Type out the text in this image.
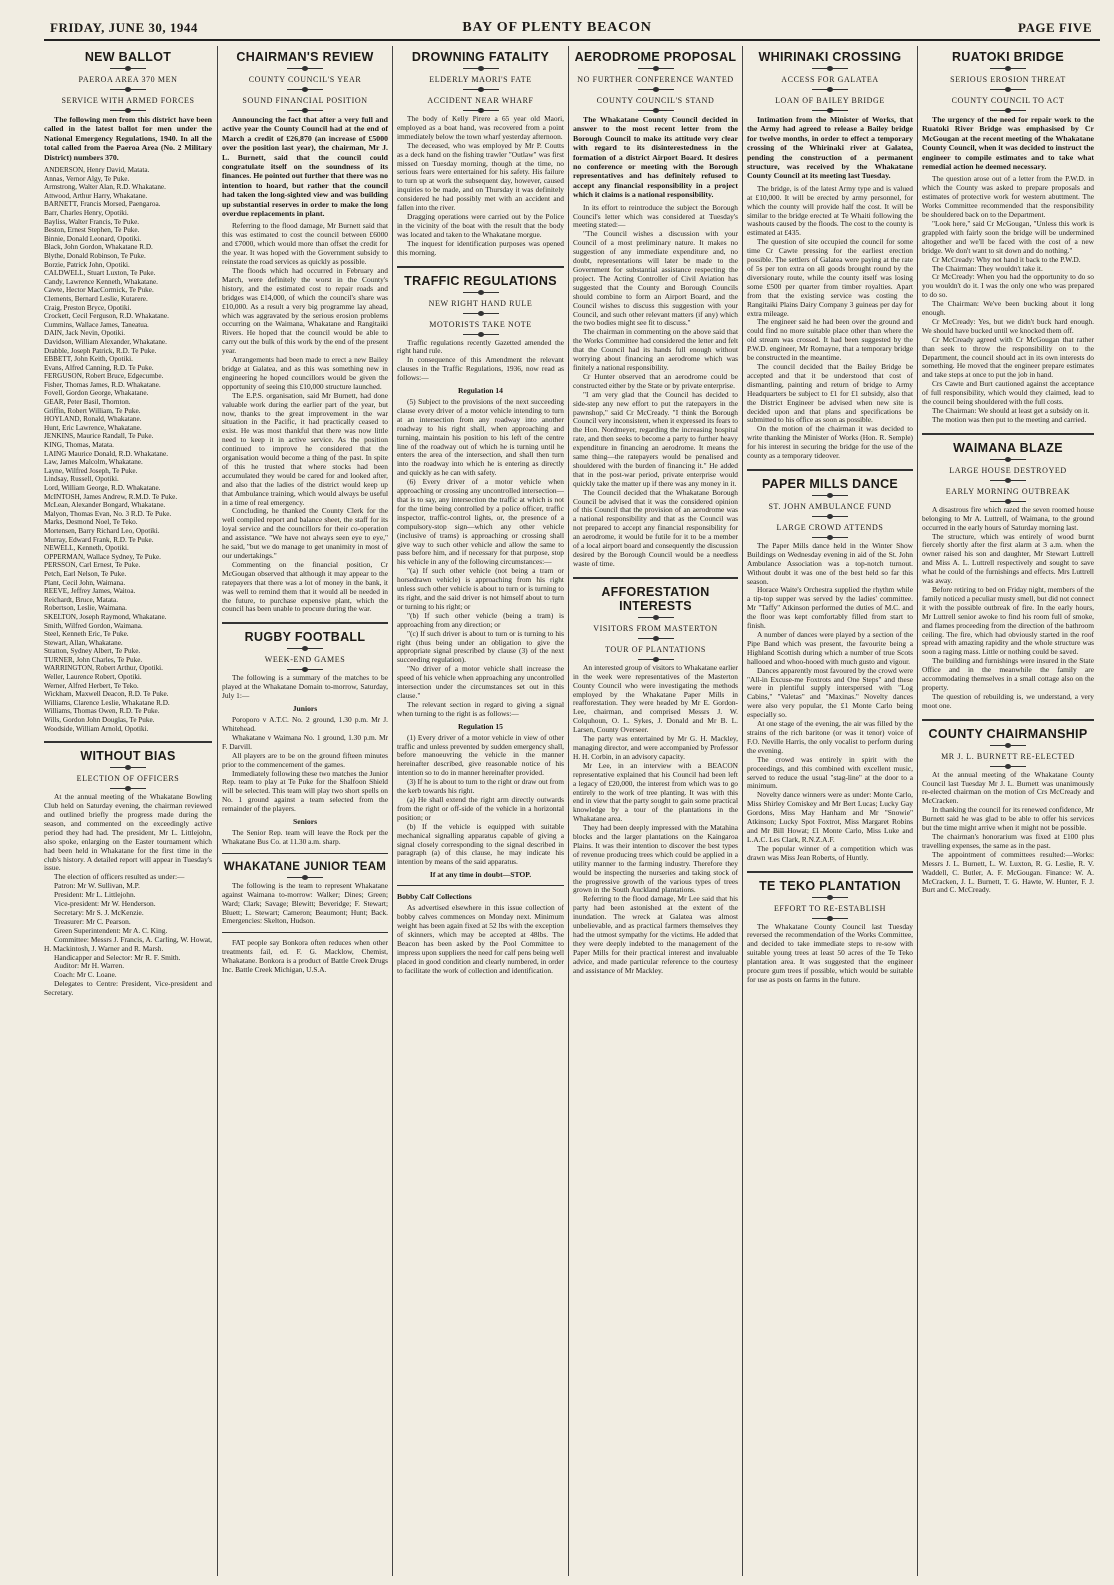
FRIDAY, JUNE 30, 1944	BAY OF PLENTY BEACON	PAGE FIVE
NEW BALLOT
PAEROA AREA 370 MEN
SERVICE WITH ARMED FORCES
The following men from this district have been called in the latest ballot for men under the National Emergency Regulations, 1940. In all the total called from the Paeroa Area (No. 2 Military District) numbers 370.
ANDERSON, Henry David, Matata.
Annas, Vernor Algy, Te Puke.
Armstrong, Walter Alan, R.D. Whakatane.
Attwood, Arthur Harry, Whakatane.
BARNETT, Francis Morsed, Paengaroa.
Barr, Charles Henry, Opotiki.
Bayliss, Walter Francis, Te Puke.
Beston, Ernest Stephen, Te Puke.
Binnie, Donald Leonard, Opotiki.
Black, John Gordon, Whakatane R.D.
Blythe, Donald Robinson, Te Puke.
Borzie, Patrick John, Opotiki.
CALDWELL, Stuart Luxton, Te Puke.
Candy, Lawrence Kenneth, Whakatane.
Cawte, Hector MacCormick, Te Puke.
Clements, Bernard Leslie, Kutarere.
Craig, Preston Bryce, Opotiki.
Crockett, Cecil Ferguson, R.D. Whakatane.
Cummins, Wallace James, Taneatua.
DAIN, Jack Nevin, Opotiki.
Davidson, William Alexander, Whakatane.
Drabble, Joseph Patrick, R.D. Te Puke.
EBBETT, John Keith, Opotiki.
Evans, Alfred Canning, R.D. Te Puke.
FERGUSON, Robert Bruce, Edgecumbe.
Fisher, Thomas James, R.D. Whakatane.
Fovell, Gordon George, Whakatane.
GEAR, Peter Basil, Thornton.
Griffin, Robert William, Te Puke.
HOYLAND, Ronald, Whakatane.
Hunt, Eric Lawrence, Whakatane.
JENKINS, Maurice Randall, Te Puke.
KING, Thomas, Matata.
LAING Maurice Donald, R.D. Whakatane.
Law, James Malcolm, Whakatane.
Layne, Wilfred Joseph, Te Puke.
Lindsay, Russell, Opotiki.
Lord, William George, R.D. Whakatane.
McINTOSH, James Andrew, R.M.D. Te Puke.
McLean, Alexander Bongard, Whakatane.
Malyon, Thomas Evan, No. 3 R.D. Te Puke.
Marks, Desmond Noel, Te Teko.
Mortensen, Barry Richard Leo, Opotiki.
Murray, Edward Frank, R.D. Te Puke.
NEWELL, Kenneth, Opotiki.
OPPERMAN, Wallace Sydney, Te Puke.
PERSSON, Carl Ernest, Te Puke.
Petch, Earl Nelson, Te Puke.
Plant, Cecil John, Waimana.
REEVE, Jeffrey James, Waitoa.
Reichardt, Bruce, Matata.
Robertson, Leslie, Waimana.
SKELTON, Joseph Raymond, Whakatane.
Smith, Wilfred Gordon, Waimana.
Steel, Kenneth Eric, Te Puke.
Stewart, Allan, Whakatane.
Stratton, Sydney Albert, Te Puke.
TURNER, John Charles, Te Puke.
WARRINGTON, Robert Arthur, Opotiki.
Weller, Laurence Robert, Opotiki.
Werner, Alfred Herbert, Te Teko.
Wickham, Maxwell Deacon, R.D. Te Puke.
Williams, Clarence Leslie, Whakatane R.D.
Williams, Thomas Owen, R.D. Te Puke.
Wills, Gordon John Douglas, Te Puke.
Woodside, William Arnold, Opotiki.
WITHOUT BIAS
ELECTION OF OFFICERS

At the annual meeting of the Whakatane Bowling Club held on Saturday evening, the chairman reviewed and outlined briefly the progress made during the season, and commented on the exceedingly active period they had had. The president, Mr L. Littlejohn, also spoke, enlarging on the Easter tournament which had been held in Whakatane for the first time in the club's history. A detailed report will appear in Tuesday's issue.

The election of officers resulted as under:—

Patron: Mr W. Sullivan, M.P.

President: Mr L. Littlejohn.

Vice-president: Mr W. Henderson.

Secretary: Mr S. J. McKenzie.

Treasurer: Mr C. Pearson.

Green Superintendent: Mr A. C. King.

Committee: Messrs J. Francis, A. Carling, W. Howat, H. Mackintosh, J. Warner and R. Marsh.

Handicapper and Selector: Mr R. F. Smith.

Auditor: Mr H. Warren.

Coach: Mr C. Loane.

Delegates to Centre: President, Vice-president and Secretary.

CHAIRMAN'S REVIEW
COUNTY COUNCIL'S YEAR
SOUND FINANCIAL POSITION
Announcing the fact that after a very full and active year the County Council had at the end of March a credit of £26,870 (an increase of £5000 over the position last year), the chairman, Mr J. L. Burnett, said that the council could congratulate itself on the soundness of its finances. He pointed out further that there was no intention to hoard, but rather that the council had taken the long-sighted view and was building up substantial reserves in order to make the long overdue replacements in plant.

Referring to the flood damage, Mr Burnett said that this was estimated to cost the council between £6000 and £7000, which would more than offset the credit for the year. It was hoped with the Government subsidy to reinstate the road services as quickly as possible.

The floods which had occurred in February and March, were definitely the worst in the County's history, and the estimated cost to repair roads and bridges was £14,000, of which the council's share was £10,000. As a result a very big programme lay ahead, which was aggravated by the serious erosion problems occurring on the Waimana, Whakatane and Rangitaiki Rivers. He hoped that the council would be able to carry out the bulk of this work by the end of the present year.

Arrangements had been made to erect a new Bailey bridge at Galatea, and as this was something new in engineering he hoped councillors would be given the opportunity of seeing this £10,000 structure launched.

The E.P.S. organisation, said Mr Burnett, had done valuable work during the earlier part of the year, but now, thanks to the great improvement in the war situation in the Pacific, it had practically ceased to exist. He was most thankful that there was now little need to keep it in active service. As the position continued to improve he considered that the organisation would become a thing of the past. In spite of this he trusted that where stocks had been accumulated they would be cared for and looked after, and also that the ladies of the district would keep up that Ambulance training, which would always be useful in a time of real emergency.

Concluding, he thanked the County Clerk for the well compiled report and balance sheet, the staff for its loyal service and the councillors for their co-operation and assistance. "We have not always seen eye to eye," he said, "but we do manage to get unanimity in most of our undertakings."

Commenting on the financial position, Cr McGougan observed that although it may appear to the ratepayers that there was a lot of money in the bank, it was well to remind them that it would all be needed in the future, to purchase expensive plant, which the council has been unable to procure during the war.

RUGBY FOOTBALL
WEEK-END GAMES

The following is a summary of the matches to be played at the Whakatane Domain to-morrow, Saturday, July 1:—

Juniors

Poroporo v A.T.C. No. 2 ground, 1.30 p.m. Mr J. Whitehead.

Whakatane v Waimana No. 1 ground, 1.30 p.m. Mr F. Darvill.

All players are to be on the ground fifteen minutes prior to the commencement of the games.

Immediately following these two matches the Junior Rep. team to play at Te Puke for the Shalfoon Shield will be selected. This team will play two short spells on No. 1 ground against a team selected from the remainder of the players.

Seniors

The Senior Rep. team will leave the Rock per the Whakatane Bus Co. at 11.30 a.m. sharp.

WHAKATANE JUNIOR TEAM

The following is the team to represent Whakatane against Waimana to-morrow: Walker; Dines; Green; Ward; Clark; Savage; Blewitt; Beveridge; F. Stewart; Bluett; L. Stewart; Cameron; Beaumont; Hunt; Back. Emergencies: Skelton, Hudson.

FAT people say Bonkora often reduces when other treatments fail, ed. F. G. Macklow, Chemist, Whakatane. Bonkora is a product of Battle Creek Drugs Inc. Battle Creek Michigan, U.S.A.

DROWNING FATALITY
ELDERLY MAORI'S FATE
ACCIDENT NEAR WHARF

The body of Kelly Pirere a 65 year old Maori, employed as a boat hand, was recovered from a point immediately below the town wharf yesterday afternoon.

The deceased, who was employed by Mr P. Coutts as a deck hand on the fishing trawler "Outlaw" was first missed on Tuesday morning, though at the time, no serious fears were entertained for his safety. His failure to turn up at work the subsequent day, however, caused inquiries to be made, and on Thursday it was definitely considered he had possibly met with an accident and fallen into the river.

Dragging operations were carried out by the Police in the vicinity of the boat with the result that the body was located and taken to the Whakatane morgue.

The inquest for identification purposes was opened this morning.

TRAFFIC REGULATIONS
NEW RIGHT HAND RULE
MOTORISTS TAKE NOTE

Traffic regulations recently Gazetted amended the right hand rule.

In consequence of this Amendment the relevant clauses in the Traffic Regulations, 1936, now read as follows:—

Regulation 14

(5) Subject to the provisions of the next succeeding clause every driver of a motor vehicle intending to turn at an intersection from any roadway into another roadway to his right shall, when approaching and turning, maintain his position to his left of the centre line of the roadway out of which he is turning until he enters the area of the intersection, and shall then turn into the roadway into which he is entering as directly and quickly as he can with safety.

(6) Every driver of a motor vehicle when approaching or crossing any uncontrolled intersection—that is to say, any intersection the traffic at which is not for the time being controlled by a police officer, traffic inspector, traffic-control lights, or, the presence of a compulsory-stop sign—which any other vehicle (inclusive of trams) is approaching or crossing shall give way to such other vehicle and allow the same to pass before him, and if necessary for that purpose, stop his vehicle in any of the following circumstances:—

"(a) If such other vehicle (not being a tram or horsedrawn vehicle) is approaching from his right unless such other vehicle is about to turn or is turning to its right, and the said driver is not himself about to turn or turning to his right; or

"(b) If such other vehicle (being a tram) is approaching from any direction; or

"(c) If such driver is about to turn or is turning to his right (thus being under an obligation to give the appropriate signal prescribed by clause (3) of the next succeeding regulation).

"No driver of a motor vehicle shall increase the speed of his vehicle when approaching any uncontrolled intersection under the circumstances set out in this clause."

The relevant section in regard to giving a signal when turning to the right is as follows:—

Regulation 15

(1) Every driver of a motor vehicle in view of other traffic and unless prevented by sudden emergency shall, before manoeuvring the vehicle in the manner hereinafter described, give reasonable notice of his intention so to do in manner hereinafter provided.

(3) If he is about to turn to the right or draw out from the kerb towards his right.

(a) He shall extend the right arm directly outwards from the right or off-side of the vehicle in a horizontal position; or

(b) If the vehicle is equipped with suitable mechanical signalling apparatus capable of giving a signal closely corresponding to the signal described in paragraph (a) of this clause, he may indicate his intention by means of the said apparatus.

If at any time in doubt—STOP.
Bobby Calf Collections

As advertised elsewhere in this issue collection of bobby calves commences on Monday next. Minimum weight has been again fixed at 52 lbs with the exception of skinners, which may be accepted at 48lbs. The Beacon has been asked by the Pool Committee to impress upon suppliers the need for calf pens being well placed in good condition and clearly numbered, in order to facilitate the work of collection and identification.

AERODROME PROPOSAL
NO FURTHER CONFERENCE WANTED
COUNTY COUNCIL'S STAND
The Whakatane County Council decided in answer to the most recent letter from the Borough Council to make its attitude very clear with regard to its disinterestedness in the formation of a district Airport Board. It desires no conference or meeting with the Borough representatives and has definitely refused to accept any financial responsibility in a project which it claims is a national responsibility.

In its effort to reintroduce the subject the Borough Council's letter which was considered at Tuesday's meeting stated:—

"The Council wishes a discussion with your Council of a most preliminary nature. It makes no suggestion of any immediate expenditure and, no doubt, representations will later be made to the Government for substantial assistance respecting the project. The Acting Controller of Civil Aviation has suggested that the County and Borough Councils should combine to form an Airport Board, and the Council wishes to discuss this suggestion with your Council, and such other relevant matters (if any) which the two bodies might see fit to discuss."

The chairman in commenting on the above said that the Works Committee had considered the letter and felt that the Council had its hands full enough without worrying about financing an aerodrome which was finitely a national responsibility.

Cr Hunter observed that an aerodrome could be constructed either by the State or by private enterprise.

"I am very glad that the Council has decided to side-step any new effort to put the ratepayers in the pawnshop," said Cr McCready. "I think the Borough Council very inconsistent, when it expressed its fears to the Hon. Nordmeyer, regarding the increasing hospital rate, and then seeks to become a party to further heavy expenditure in financing an aerodrome. It means the same thing—the ratepayers would be penalised and shouldered with the burden of financing it." He added that in the post-war period, private enterprise would quickly take the matter up if there was any money in it.

The Council decided that the Whakatane Borough Council be advised that it was the considered opinion of this Council that the provision of an aerodrome was a national responsibility and that as the Council was not prepared to accept any financial responsibility for an aerodrome, it would be futile for it to be a member of a local airport board and consequently the discussion desired by the Borough Council would be a needless waste of time.

AFFORESTATION INTERESTS
VISITORS FROM MASTERTON
TOUR OF PLANTATIONS

An interested group of visitors to Whakatane earlier in the week were representatives of the Masterton County Council who were investigating the methods employed by the Whakatane Paper Mills in reafforestation. They were headed by Mr E. Gordon-Lee, chairman, and comprised Messrs J. W. Colquhoun, O. L. Sykes, J. Donald and Mr B. L. Larsen, County Overseer.

The party was entertained by Mr G. H. Mackley, managing director, and were accompanied by Professor H. H. Corbin, in an advisory capacity.

Mr Lee, in an interview with a BEACON representative explained that his Council had been left a legacy of £20,000, the interest from which was to go entirely to the work of tree planting. It was with this end in view that the party sought to gain some practical knowledge by a tour of the plantations in the Whakatane area.

They had been deeply impressed with the Matahina blocks and the larger plantations on the Kaingaroa Plains. It was their intention to discover the best types of revenue producing trees which could be applied in a utility manner to the farming industry. Therefore they would be inspecting the nurseries and taking stock of the progressive growth of the various types of trees grown in the South Auckland plantations.

Referring to the flood damage, Mr Lee said that his party had been astonished at the extent of the inundation. The wreck at Galatea was almost unbelievable, and as practical farmers themselves they had the utmost sympathy for the victims. He added that they were deeply indebted to the management of the Paper Mills for their practical interest and invaluable advice, and made particular reference to the courtesy and assistance of Mr Mackley.

WHIRINAKI CROSSING
ACCESS FOR GALATEA
LOAN OF BAILEY BRIDGE
Intimation from the Minister of Works, that the Army had agreed to release a Bailey bridge for twelve months, in order to effect a temporary crossing of the Whirinaki river at Galatea, pending the construction of a permanent structure, was received by the Whakatane County Council at its meeting last Tuesday.

The bridge, is of the latest Army type and is valued at £10,000. It will be erected by army personnel, for which the county will provide half the cost. It will be similar to the bridge erected at Te Whaiti following the washouts caused by the floods. The cost to the county is estimated at £435.

The question of site occupied the council for some time Cr Cawte pressing for the earliest erection possible. The settlers of Galatea were paying at the rate of 5s per ton extra on all goods brought round by the diversionary route, while the county itself was losing some £500 per quarter from timber royalties. Apart from that the existing service was costing the Rangitaiki Plains Dairy Company 3 guineas per day for extra mileage.

The engineer said he had been over the ground and could find no more suitable place other than where the old stream was crossed. It had been suggested by the P.W.D. engineer, Mr Romayne, that a temporary bridge be constructed in the meantime.

The council decided that the Bailey Bridge be accepted and that it be understood that cost of dismantling, painting and return of bridge to Army Headquarters be subject to £1 for £1 subsidy, also that the District Engineer be advised when new site is decided upon and that plans and specifications be submitted to his office as soon as possible.

On the motion of the chairman it was decided to write thanking the Minister of Works (Hon. R. Semple) for his interest in securing the bridge for the use of the county as a temporary tideover.

PAPER MILLS DANCE
ST. JOHN AMBULANCE FUND
LARGE CROWD ATTENDS

The Paper Mills dance held in the Winter Show Buildings on Wednesday evening in aid of the St. John Ambulance Association was a top-notch turnout. Without doubt it was one of the best held so far this season.

Horace Waite's Orchestra supplied the rhythm while a tip-top supper was served by the ladies' committee. Mr "Taffy" Atkinson performed the duties of M.C. and the floor was kept comfortably filled from start to finish.

A number of dances were played by a section of the Pipe Band which was present, the favourite being a Highland Scottish during which a number of true Scots hallooed and whoo-hooed with much gusto and vigour.

Dances apparently most favoured by the crowd were "All-in Excuse-me Foxtrots and One Steps" and these were in plentiful supply interspersed with "Log Cabins," "Valetas" and "Maxinas." Novelty dances were also very popular, the £1 Monte Carlo being especially so.

At one stage of the evening, the air was filled by the strains of the rich baritone (or was it tenor) voice of F.O. Neville Harris, the only vocalist to perform during the evening.

The crowd was entirely in spirit with the proceedings, and this combined with excellent music, served to reduce the usual "stag-line" at the door to a minimum.

Novelty dance winners were as under: Monte Carlo, Miss Shirley Comiskey and Mr Bert Lucas; Lucky Gay Gordons, Miss May Hanham and Mr "Snowie" Atkinson; Lucky Spot Foxtrot, Miss Margaret Robins and Mr Bill Howat; £1 Monte Carlo, Miss Luke and L.A.C. Les Clark, R.N.Z.A.F.

The popular winner of a competition which was drawn was Miss Jean Roberts, of Huntly.

TE TEKO PLANTATION
EFFORT TO RE-ESTABLISH

The Whakatane County Council last Tuesday reversed the recommendation of the Works Committee, and decided to take immediate steps to re-sow with suitable young trees at least 50 acres of the Te Teko plantation area. It was suggested that the engineer procure gum trees if possible, which would be suitable for use as posts on farms in the future.

RUATOKI BRIDGE
SERIOUS EROSION THREAT
COUNTY COUNCIL TO ACT
The urgency of the need for repair work to the Ruatoki River Bridge was emphasised by Cr McGougan at the recent meeting of the Whakatane County Council, when it was decided to instruct the engineer to compile estimates and to take what remedial action he deemed necessary.

The question arose out of a letter from the P.W.D. in which the County was asked to prepare proposals and estimates of protective work for western abuttment. The Works Committee recommended that the responsibility be shouldered back on to the Department.

"Look here," said Cr McGougan, "Unless this work is grappled with fairly soon the bridge will be undermined altogether and we'll be faced with the cost of a new bridge. We don't want to sit down and do nothing."

Cr McCready: Why not hand it back to the P.W.D.

The Chairman: They wouldn't take it.

Cr McCready: When you had the opportunity to do so you wouldn't do it. I was the only one who was prepared to do so.

The Chairman: We've been bucking about it long enough.

Cr McCready: Yes, but we didn't buck hard enough. We should have bucked until we knocked them off.

Cr McCready agreed with Cr McGougan that rather than seek to throw the responsibility on to the Department, the council should act in its own interests do something. He moved that the engineer prepare estimates and take steps at once to put the job in hand.

Crs Cawte and Burt cautioned against the acceptance of full responsibility, which would they claimed, lead to the council being shouldered with the full costs.

The Chairman: We should at least get a subsidy on it.

The motion was then put to the meeting and carried.

WAIMANA BLAZE
LARGE HOUSE DESTROYED
EARLY MORNING OUTBREAK

A disastrous fire which razed the seven roomed house belonging to Mr A. Luttrell, of Waimana, to the ground occurred in the early hours of Saturday morning last.

The structure, which was entirely of wood burnt fiercely shortly after the first alarm at 3 a.m. when the owner raised his son and daughter, Mr Stewart Luttrell and Miss A. L. Luttrell respectively and sought to save what he could of the furnishings and effects. Mrs Luttrell was away.

Before retiring to bed on Friday night, members of the family noticed a peculiar musty smell, but did not connect it with the possible outbreak of fire. In the early hours, Mr Luttrell senior awoke to find his room full of smoke, and flames proceeding from the direction of the bathroom ceiling. The fire, which had obviously started in the roof spread with amazing rapidity and the whole structure was soon a raging mass. Little or nothing could be saved.

The building and furnishings were insured in the State Office and in the meanwhile the family are accommodating themselves in a small cottage also on the property.

The question of rebuilding is, we understand, a very moot one.

COUNTY CHAIRMANSHIP
MR J. L. BURNETT RE-ELECTED

At the annual meeting of the Whakatane County Council last Tuesday Mr J. L. Burnett was unanimously re-elected chairman on the motion of Crs McCready and McCracken.

In thanking the council for its renewed confidence, Mr Burnett said he was glad to be able to offer his services but the time might arrive when it might not be possible.

The chairman's honorarium was fixed at £100 plus travelling expenses, the same as in the past.

The appointment of committees resulted:—Works: Messrs J. L. Burnett, L. W. Luxton, R. G. Leslie, R. V. Waddell, C. Butler, A. F. McGougan. Finance: W. A. McCracken, J. L. Burnett, T. G. Hawte, W. Hunter, F. J. Burt and C. McCready.
